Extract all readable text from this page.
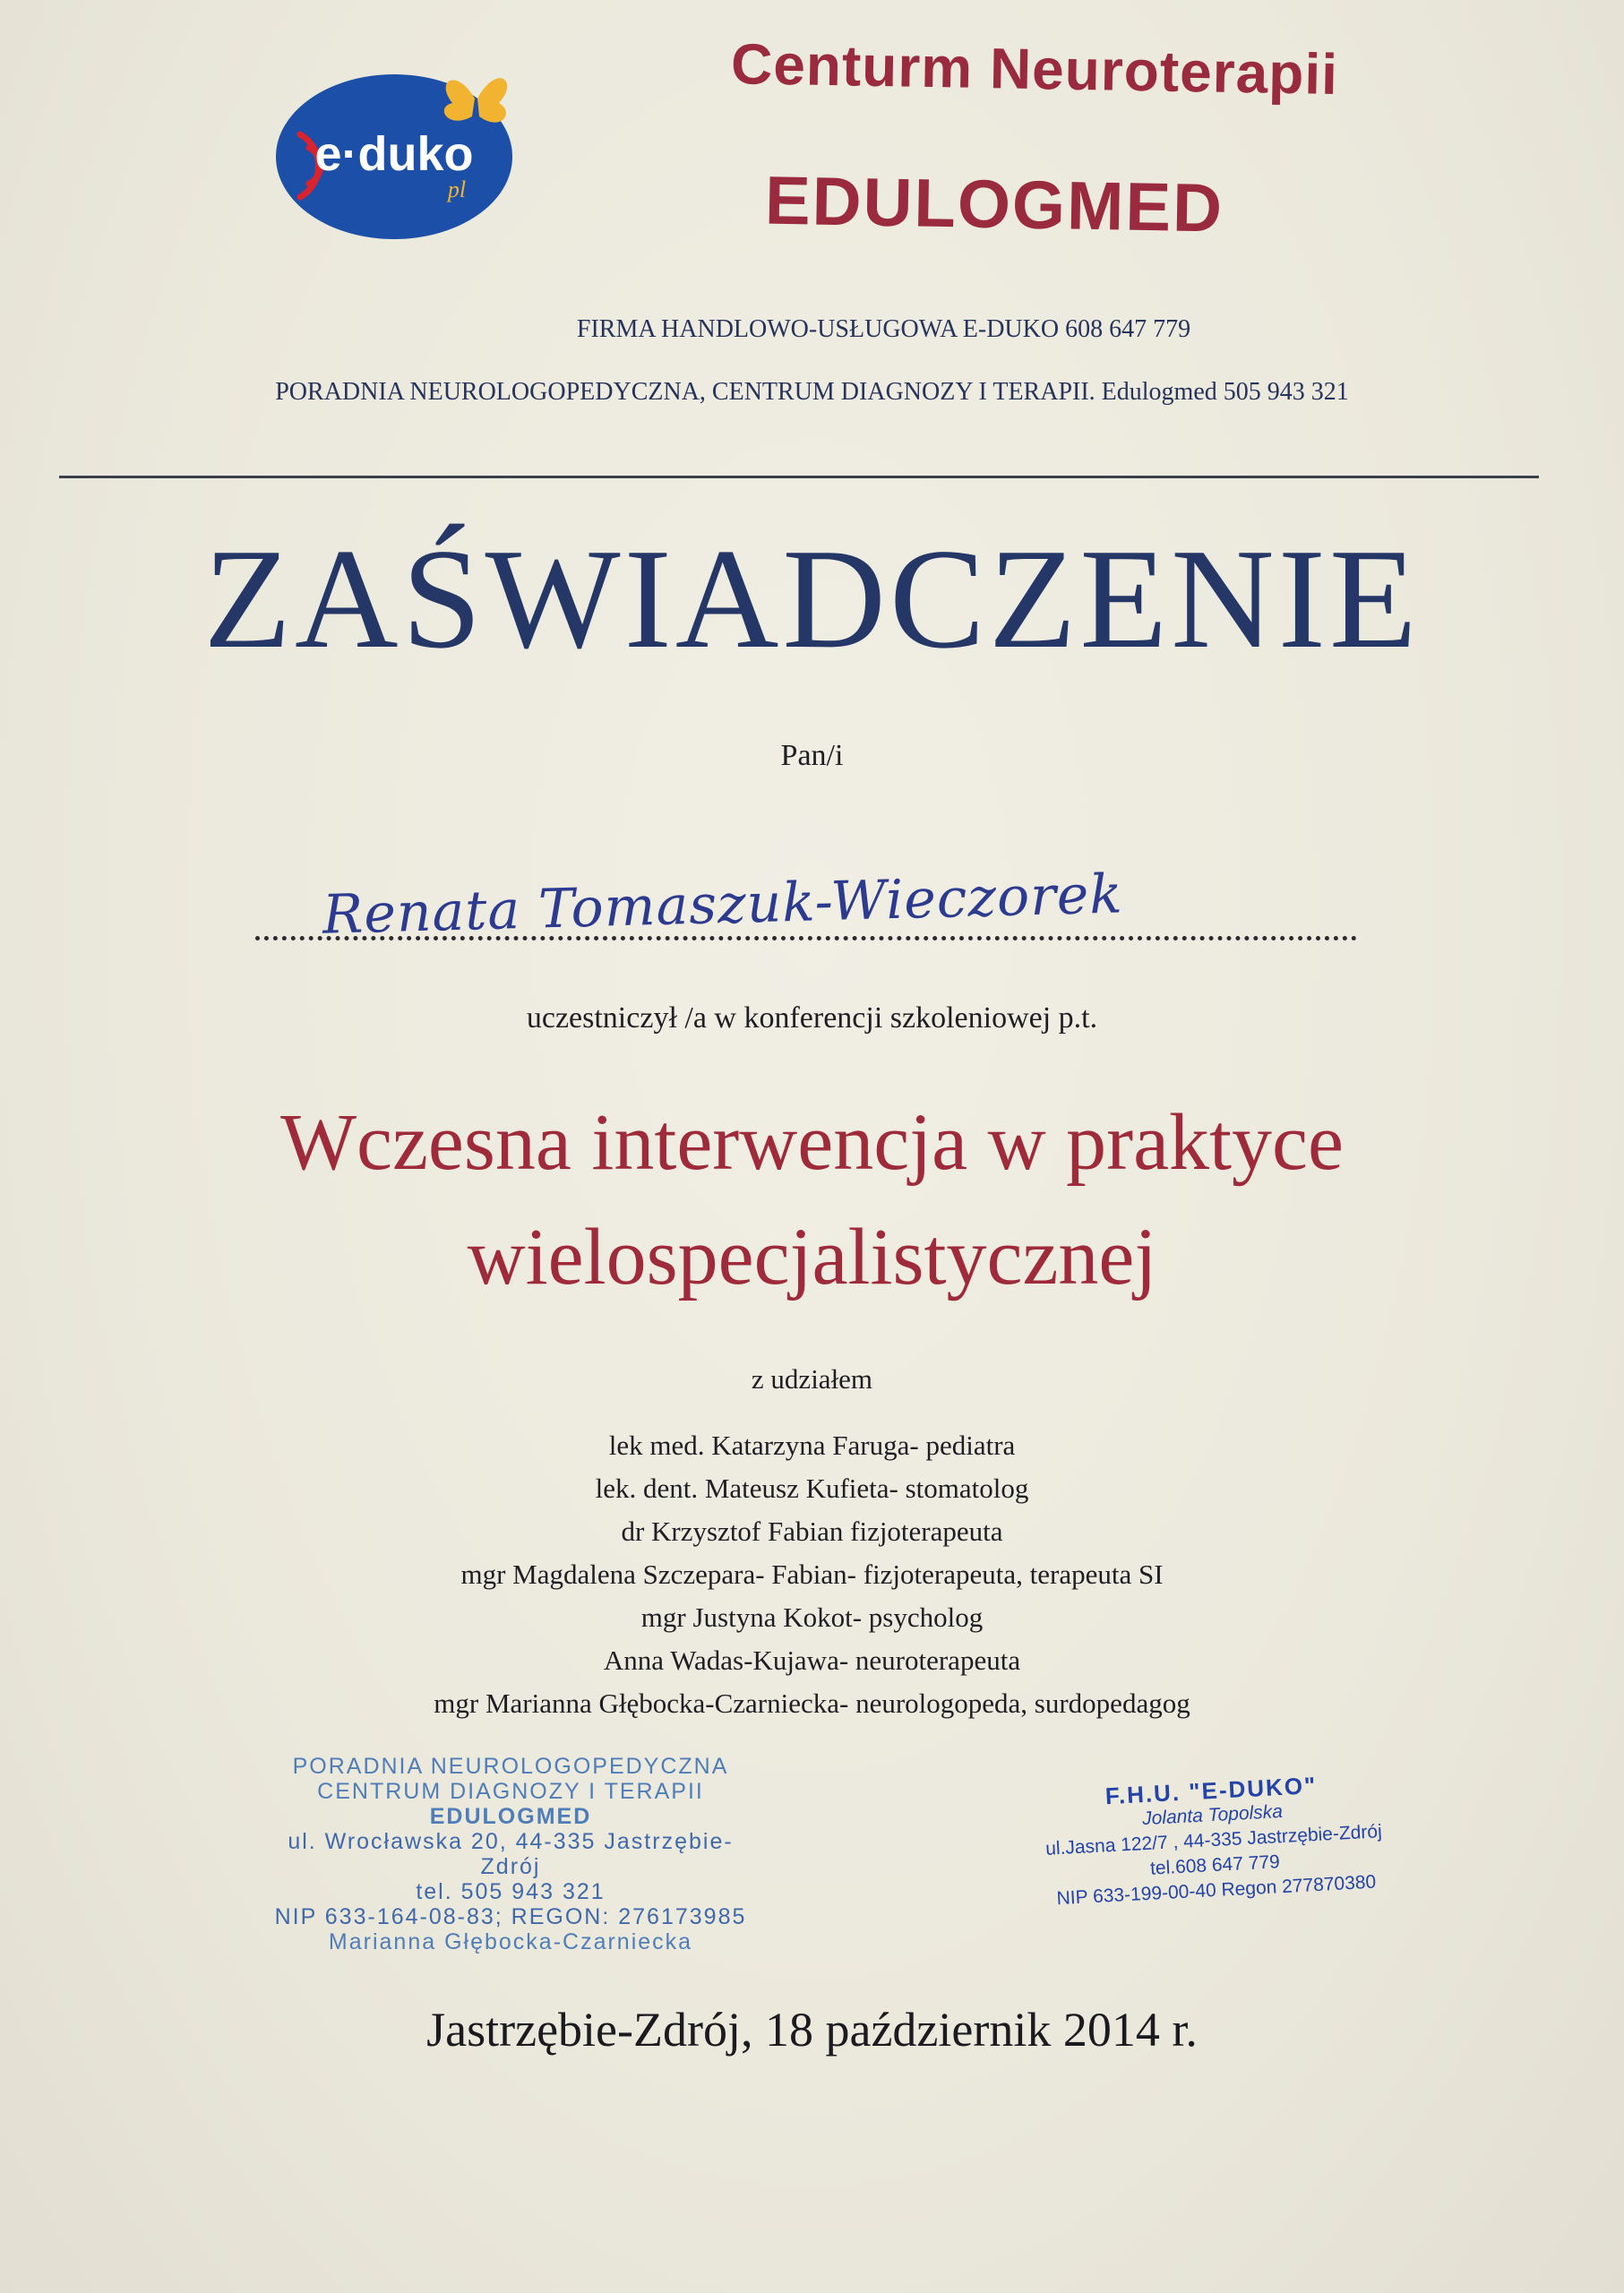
e·duko
pl
Centurm Neuroterapii
EDULOGMED
FIRMA HANDLOWO-USŁUGOWA E-DUKO 608 647 779
PORADNIA NEUROLOGOPEDYCZNA, CENTRUM DIAGNOZY I TERAPII. Edulogmed 505 943 321
ZAŚWIADCZENIE
Pan/i
Renata Tomaszuk-Wieczorek
uczestniczył /a w konferencji szkoleniowej p.t.
Wczesna interwencja w praktyce
wielospecjalistycznej
z udziałem
lek med. Katarzyna Faruga- pediatra
lek. dent. Mateusz Kufieta- stomatolog
dr Krzysztof Fabian fizjoterapeuta
mgr Magdalena Szczepara- Fabian- fizjoterapeuta, terapeuta SI
mgr Justyna Kokot- psycholog
Anna Wadas-Kujawa- neuroterapeuta
mgr Marianna Głębocka-Czarniecka- neurologopeda, surdopedagog
PORADNIA NEUROLOGOPEDYCZNA
CENTRUM DIAGNOZY I TERAPII
EDULOGMED
ul. Wrocławska 20, 44-335 Jastrzębie-Zdrój
tel. 505 943 321
NIP 633-164-08-83; REGON: 276173985
Marianna Głębocka-Czarniecka
F.H.U. "E-DUKO"
Jolanta Topolska
ul.Jasna 122/7 , 44-335 Jastrzębie-Zdrój
tel.608 647 779
NIP 633-199-00-40 Regon 277870380
Jastrzębie-Zdrój, 18 październik 2014 r.
